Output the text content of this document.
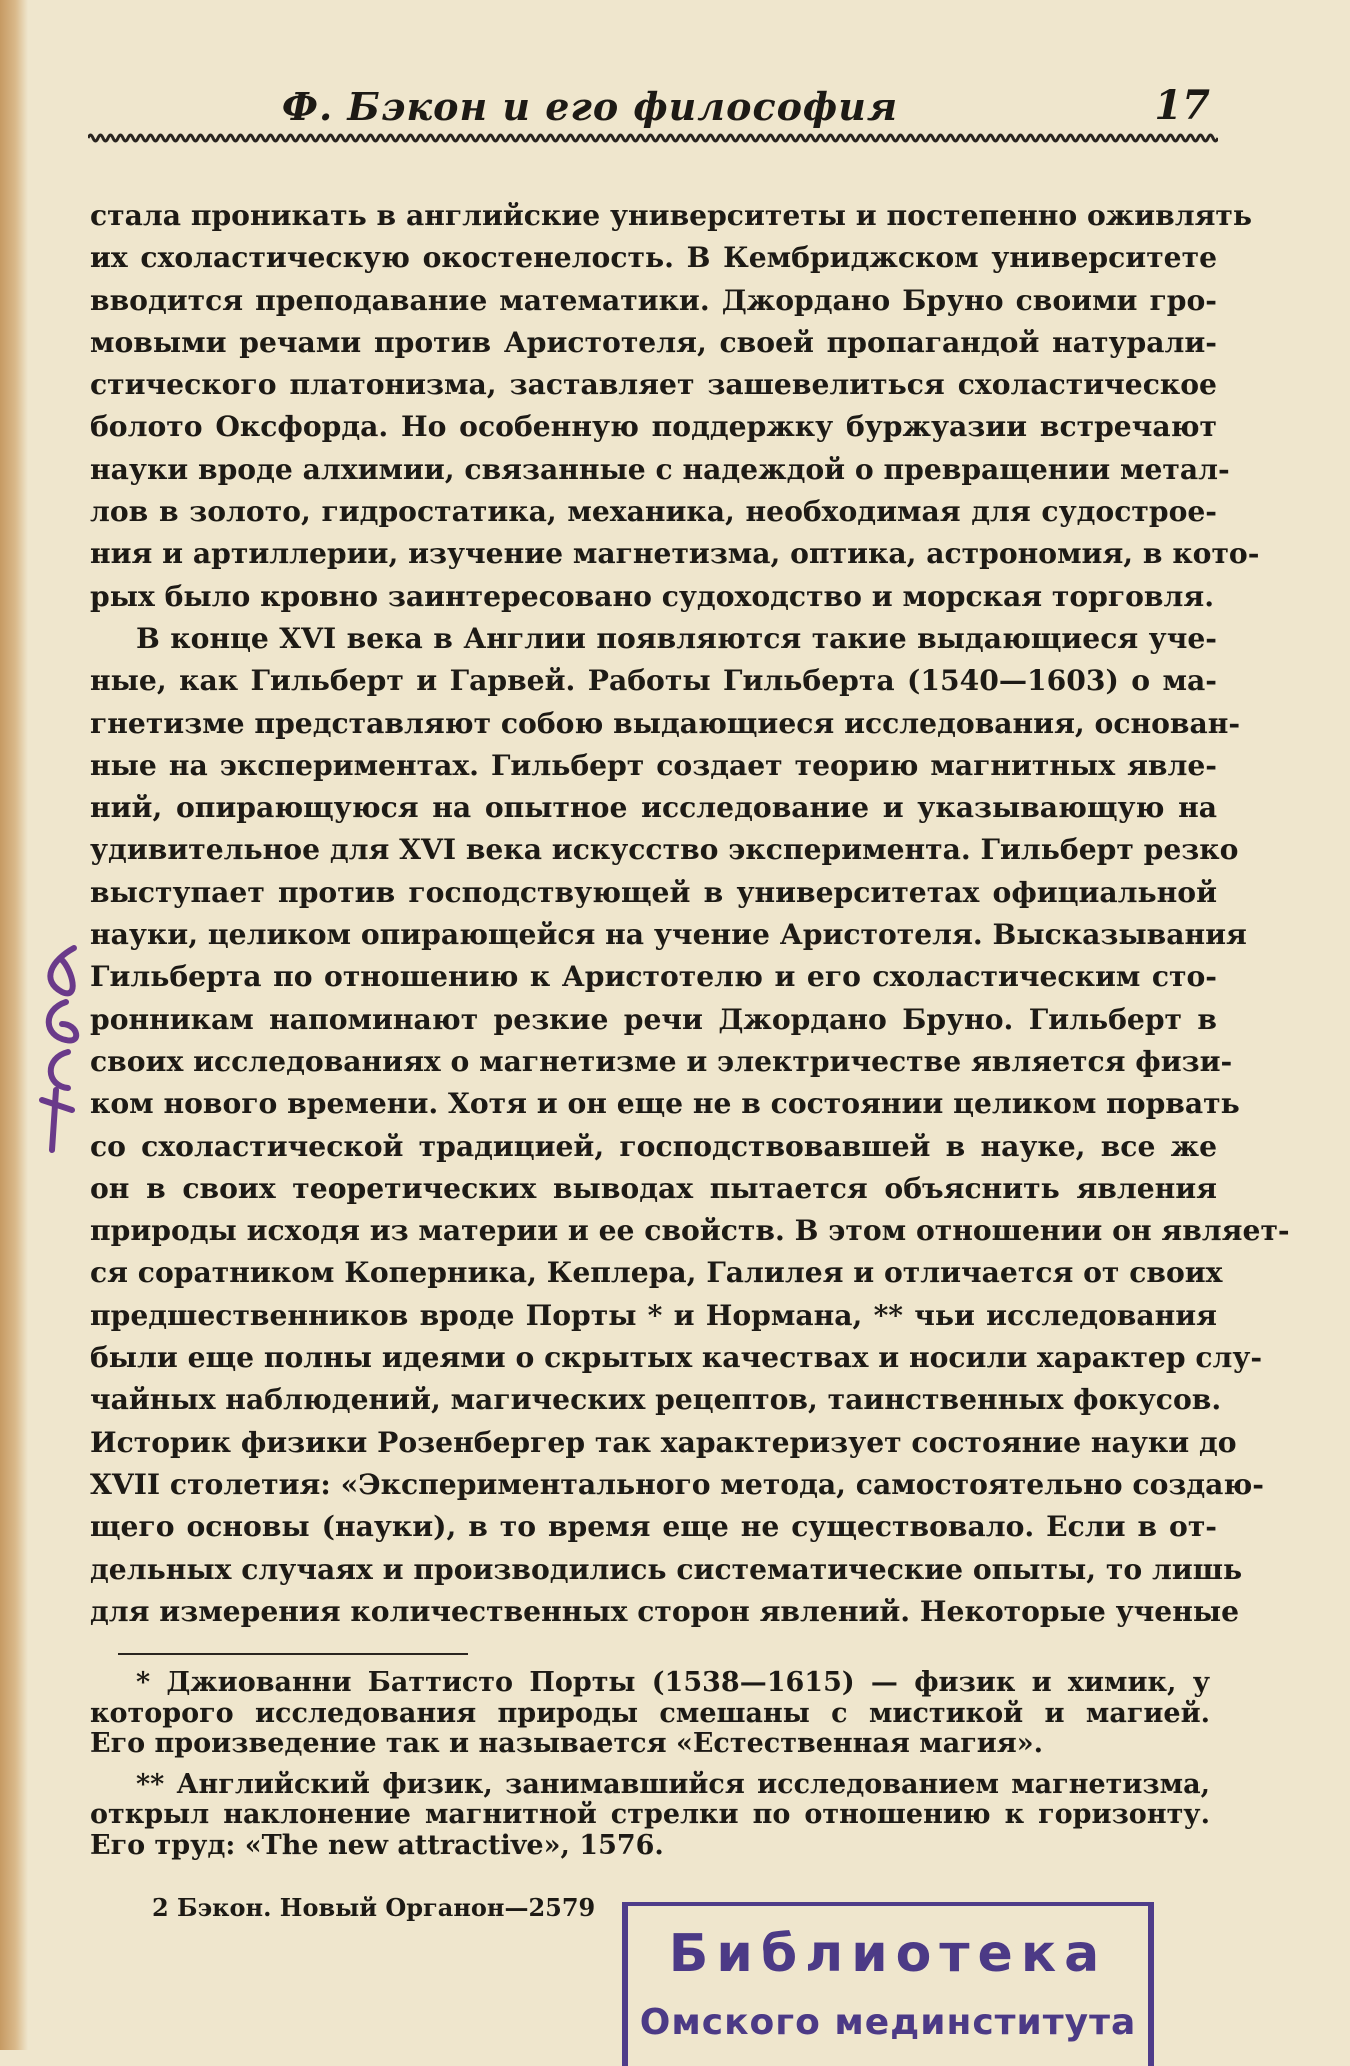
Ф. Бэкон и его философия	17
стала проникать в английские университеты и постепенно оживлять
их схоластическую окостенелость. В Кембриджском университете
вводится преподавание математики. Джордано Бруно своими гро-
мовыми речами против Аристотеля, своей пропагандой натурали-
стического платонизма, заставляет зашевелиться схоластическое
болото Оксфорда. Но особенную поддержку буржуазии встречают
науки вроде алхимии, связанные с надеждой о превращении метал-
лов в золото, гидростатика, механика, необходимая для судострое-
ния и артиллерии, изучение магнетизма, оптика, астрономия, в кото-
рых было кровно заинтересовано судоходство и морская торговля.
В конце XVI века в Англии появляются такие выдающиеся уче-
ные, как Гильберт и Гарвей. Работы Гильберта (1540—1603) о ма-
гнетизме представляют собою выдающиеся исследования, основан-
ные на экспериментах. Гильберт создает теорию магнитных явле-
ний, опирающуюся на опытное исследование и указывающую на
удивительное для XVI века искусство эксперимента. Гильберт резко
выступает против господствующей в университетах официальной
науки, целиком опирающейся на учение Аристотеля. Высказывания
Гильберта по отношению к Аристотелю и его схоластическим сто-
ронникам напоминают резкие речи Джордано Бруно. Гильберт в
своих исследованиях о магнетизме и электричестве является физи-
ком нового времени. Хотя и он еще не в состоянии целиком порвать
со схоластической традицией, господствовавшей в науке, все же
он в своих теоретических выводах пытается объяснить явления
природы исходя из материи и ее свойств. В этом отношении он являет-
ся соратником Коперника, Кеплера, Галилея и отличается от своих
предшественников вроде Порты * и Нормана, ** чьи исследования
были еще полны идеями о скрытых качествах и носили характер слу-
чайных наблюдений, магических рецептов, таинственных фокусов.
Историк физики Розенбергер так характеризует состояние науки до
XVII столетия: «Экспериментального метода, самостоятельно создаю-
щего основы (науки), в то время еще не существовало. Если в от-
дельных случаях и производились систематические опыты, то лишь
для измерения количественных сторон явлений. Некоторые ученые
* Джиованни Баттисто Порты (1538—1615) — физик и химик, у
которого исследования природы смешаны с мистикой и магией.
Его произведение так и называется «Естественная магия».
** Английский физик, занимавшийся исследованием магнетизма,
открыл наклонение магнитной стрелки по отношению к горизонту.
Его труд: «The new attractive», 1576.
2 Бэкон. Новый Органон—2579
Библиотека
Омского мединститута
